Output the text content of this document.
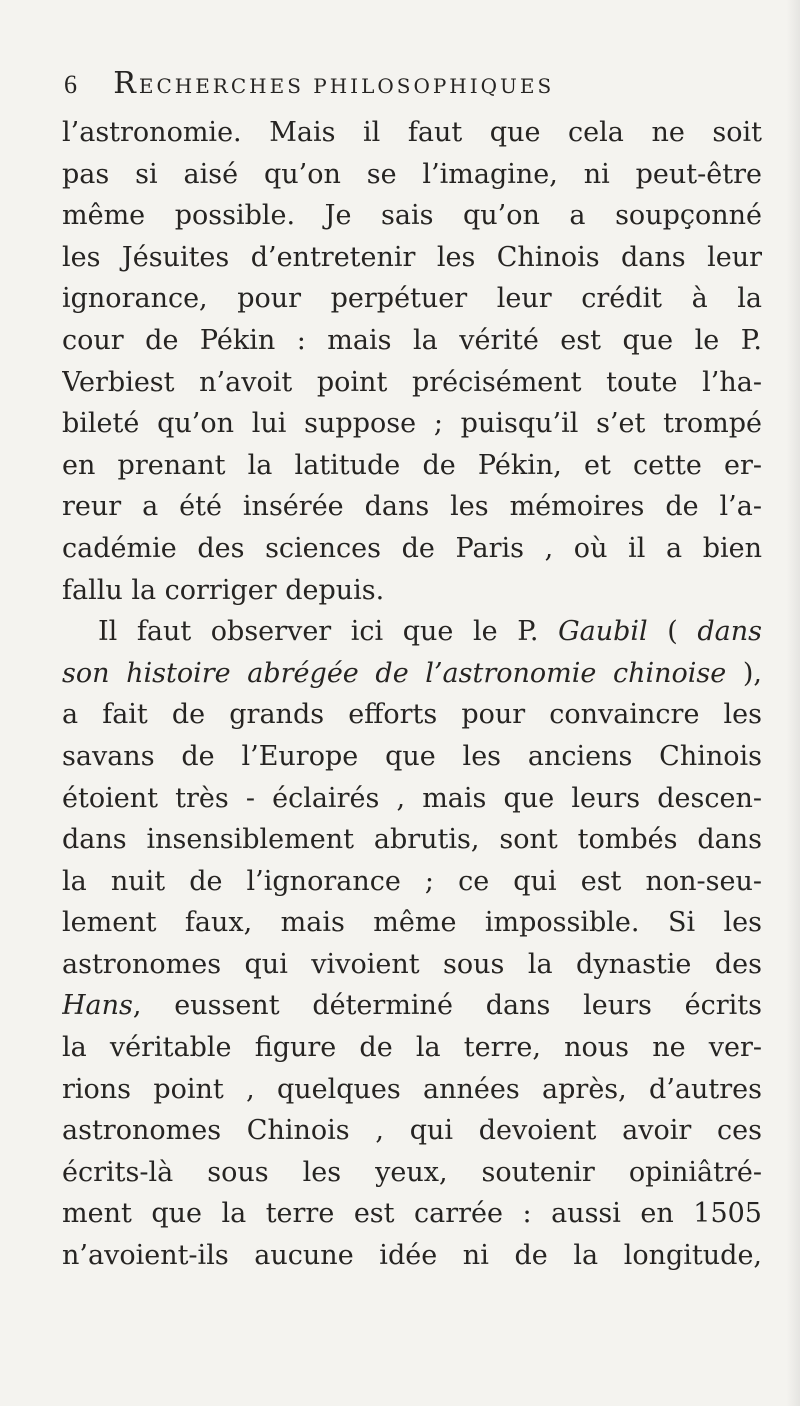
6 RECHERCHES PHILOSOPHIQUES
l’astronomie. Mais il faut que cela ne soit
pas si aisé qu’on se l’imagine, ni peut-être
même possible. Je sais qu’on a soupçonné
les Jésuites d’entretenir les Chinois dans leur
ignorance, pour perpétuer leur crédit à la
cour de Pékin : mais la vérité est que le P.
Verbiest n’avoit point précisément toute l’ha-
bileté qu’on lui suppose ; puisqu’il s’et trompé
en prenant la latitude de Pékin, et cette er-
reur a été insérée dans les mémoires de l’a-
cadémie des sciences de Paris , où il a bien
fallu la corriger depuis.
Il faut observer ici que le P. Gaubil ( dans
son histoire abrégée de l’astronomie chinoise ),
a fait de grands efforts pour convaincre les
savans de l’Europe que les anciens Chinois
étoient très - éclairés , mais que leurs descen-
dans insensiblement abrutis, sont tombés dans
la nuit de l’ignorance ; ce qui est non-seu-
lement faux, mais même impossible. Si les
astronomes qui vivoient sous la dynastie des
Hans, eussent déterminé dans leurs écrits
la véritable figure de la terre, nous ne ver-
rions point , quelques années après, d’autres
astronomes Chinois , qui devoient avoir ces
écrits-là sous les yeux, soutenir opiniâtré-
ment que la terre est carrée : aussi en 1505
n’avoient-ils aucune idée ni de la longitude,
